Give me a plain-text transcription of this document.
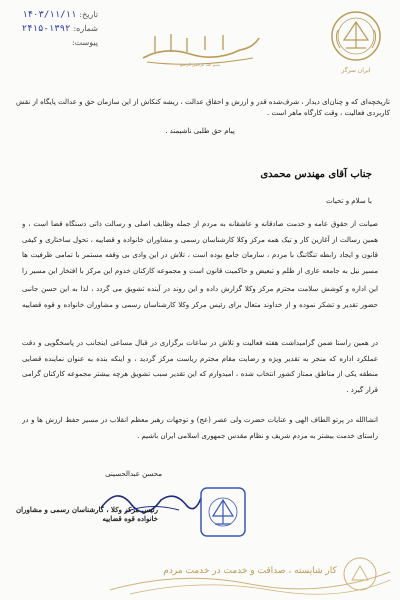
تاریخ:
۱۴۰۳/۱۱/۱۱
شماره:
۲۴۱۵-۱۳۹۲
پیوست:
بسم الله الرحمن الرحیم
ایران سرگز
تاریخچه‌ای که و چنان‌ای دیدار ، شرف‌شده قدر و ارزش و احقاق عدالت ، ریشه کنکاش از این سازمان حق و عدالت پایگاه از نقش کاربردی فعالیت ، وقت کارگاه ماهر است .
پیام حق طلبی ناشیمند .
جناب آقای مهندس محمدی
با سلام و تحیات
صیانت از حقوق عامه و خدمت صادقانه و عاشقانه به مردم از جمله وظایف اصلی و رسالت ذاتی دستگاه قضا است ، و همین رسالت از آغازین کار و تیک همه مرکز وکلا کارشناسان رسمی و مشاوران خانواده و قضاییه ، تحول ساختاری و کیفی قانون و ایجاد رابطه تنگاتنگ با مردم ، سازمان جامع بوده است ، تلاش در این وادی بی وقفه مستمر با تمامی ظرفیت ها مسیر نیل به جامعه عاری از ظلم و تبعیض و حاکمیت قانون است و مجموعه کارکنان خدوم این مرکز با افتخار این مسیر را
این اداره و کوشش سلامت محترم مرکز وکلا گزارش داده و این روند در آینده تشویق می گردد ، لذا به این حسن جانبی حضور تقدیر و تشکر نموده و از خداوند متعال برای رئیس مرکز وکلا کارشناسان رسمی و مشاوران خانواده و قوه قضاییه
در همین راستا ضمن گرامیداشت هفته فعالیت و تلاش در ساعات برگزاری در قبال مساعی اینجانب در پاسخگویی و دقت عملکرد اداره که منجر به تقدیر ویژه و رضایت مقام محترم ریاست مرکز گردید ، و اینکه بنده به عنوان نماینده قضایی منطقه یکی از مناطق ممتاز کشور انتخاب شده ، امیدوارم که این تقدیر سبب تشویق هرچه بیشتر مجموعه کارکنان گرامی قرار گیرد .
انشاالله در پرتو الطاف الهی و عنایات حضرت ولی عصر (عج) و توجهات رهبر معظم انقلاب در مسیر حفظ ارزش ها و در راستای خدمت بیشتر به مردم شریف و نظام مقدس جمهوری اسلامی ایران باشیم .
محسن عبدالحسینی
رئیس مرکز وکلا ، کارشناسان رسمی و مشاوران خانواده قوه قضاییه
کار شایسته ، صداقت و خدمت در خدمت مردم
